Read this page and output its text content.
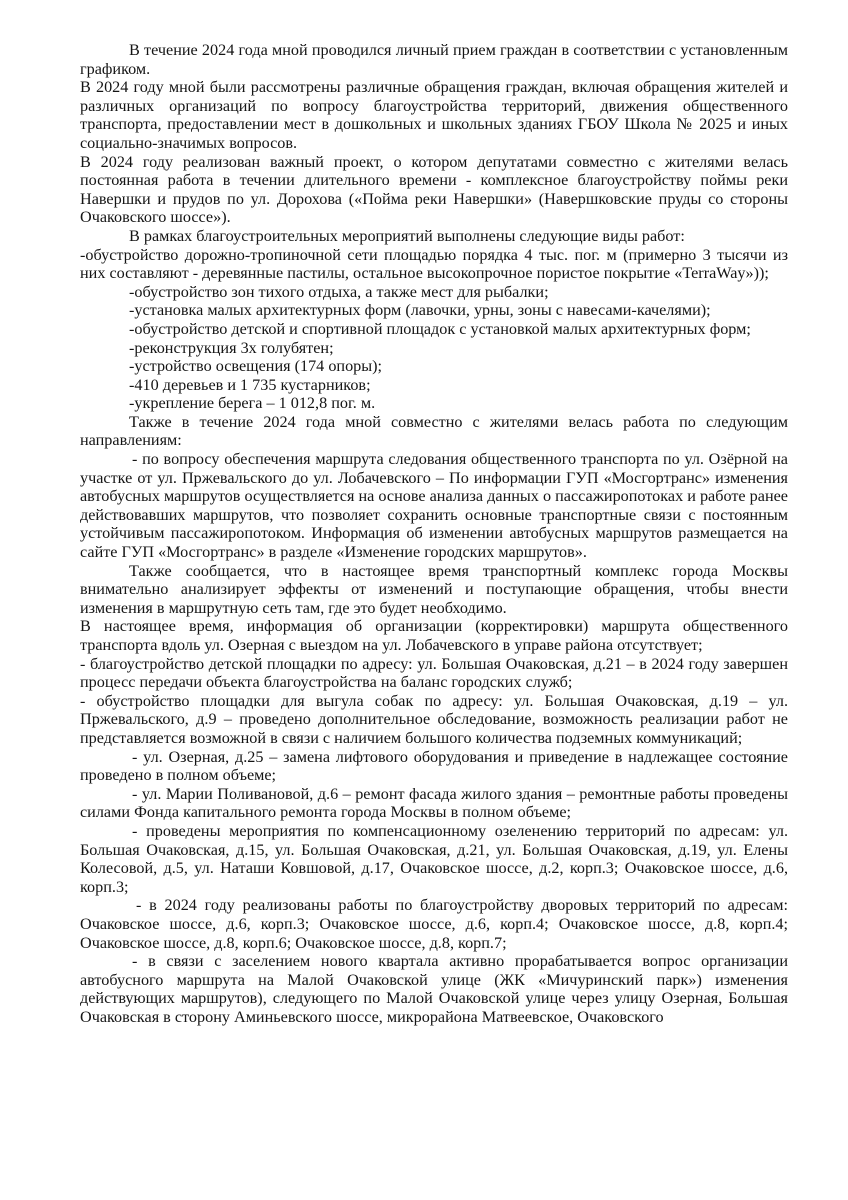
В течение 2024 года мной проводился личный прием граждан в соответствии с установленным графиком.

В 2024 году мной были рассмотрены различные обращения граждан, включая обращения жителей и различных организаций по вопросу благоустройства территорий, движения общественного транспорта, предоставлении мест в дошкольных и школьных зданиях ГБОУ Школа № 2025 и иных социально-значимых вопросов.

В 2024 году реализован важный проект, о котором депутатами совместно с жителями велась постоянная работа в течении длительного времени - комплексное благоустройству поймы реки Навершки и прудов по ул. Дорохова («Пойма реки Навершки» (Навершковские пруды со стороны Очаковского шоссе»).

В рамках благоустроительных мероприятий выполнены следующие виды работ:

-обустройство дорожно-тропиночной сети площадью порядка 4 тыс. пог. м (примерно 3 тысячи из них составляют - деревянные пастилы, остальное высокопрочное пористое покрытие «TerraWay»));

-обустройство зон тихого отдыха, а также мест для рыбалки;

-установка малых архитектурных форм (лавочки, урны, зоны с навесами-качелями);

-обустройство детской и спортивной площадок с установкой малых архитектурных форм;

-реконструкция 3х голубятен;

-устройство освещения (174 опоры);

-410 деревьев и 1 735 кустарников;

-укрепление берега – 1 012,8 пог. м.

Также в течение 2024 года мной совместно с жителями велась работа по следующим направлениям:

- по вопросу обеспечения маршрута следования общественного транспорта по ул. Озёрной на участке от ул. Пржевальского до ул. Лобачевского – По информации ГУП «Мосгортранс» изменения автобусных маршрутов осуществляется на основе анализа данных о пассажиропотоках и работе ранее действовавших маршрутов, что позволяет сохранить основные транспортные связи с постоянным устойчивым пассажиропотоком. Информация об изменении автобусных маршрутов размещается на сайте ГУП «Мосгортранс» в разделе «Изменение городских маршрутов».

Также сообщается, что в настоящее время транспортный комплекс города Москвы внимательно анализирует эффекты от изменений и поступающие обращения, чтобы внести изменения в маршрутную сеть там, где это будет необходимо.

В настоящее время, информация об организации (корректировки) маршрута общественного транспорта вдоль ул. Озерная с выездом на ул. Лобачевского в управе района отсутствует;

- благоустройство детской площадки по адресу: ул. Большая Очаковская, д.21 – в 2024 году завершен процесс передачи объекта благоустройства на баланс городских служб;

- обустройство площадки для выгула собак по адресу: ул. Большая Очаковская, д.19 – ул. Пржевальского, д.9 – проведено дополнительное обследование, возможность реализации работ не представляется возможной в связи с наличием большого количества подземных коммуникаций;

- ул. Озерная, д.25 – замена лифтового оборудования и приведение в надлежащее состояние проведено в полном объеме;

- ул. Марии Поливановой, д.6 – ремонт фасада жилого здания – ремонтные работы проведены силами Фонда капитального ремонта города Москвы в полном объеме;

- проведены мероприятия по компенсационному озеленению территорий по адресам: ул. Большая Очаковская, д.15, ул. Большая Очаковская, д.21, ул. Большая Очаковская, д.19, ул. Елены Колесовой, д.5, ул. Наташи Ковшовой, д.17, Очаковское шоссе, д.2, корп.3; Очаковское шоссе, д.6, корп.3;

- в 2024 году реализованы работы по благоустройству дворовых территорий по адресам: Очаковское шоссе, д.6, корп.3; Очаковское шоссе, д.6, корп.4; Очаковское шоссе, д.8, корп.4; Очаковское шоссе, д.8, корп.6; Очаковское шоссе, д.8, корп.7;

- в связи с заселением нового квартала активно прорабатывается вопрос организации автобусного маршрута на Малой Очаковской улице (ЖК «Мичуринский парк») изменения действующих маршрутов), следующего по Малой Очаковской улице через улицу Озерная, Большая Очаковская в сторону Аминьевского шоссе, микрорайона Матвеевское, Очаковского
